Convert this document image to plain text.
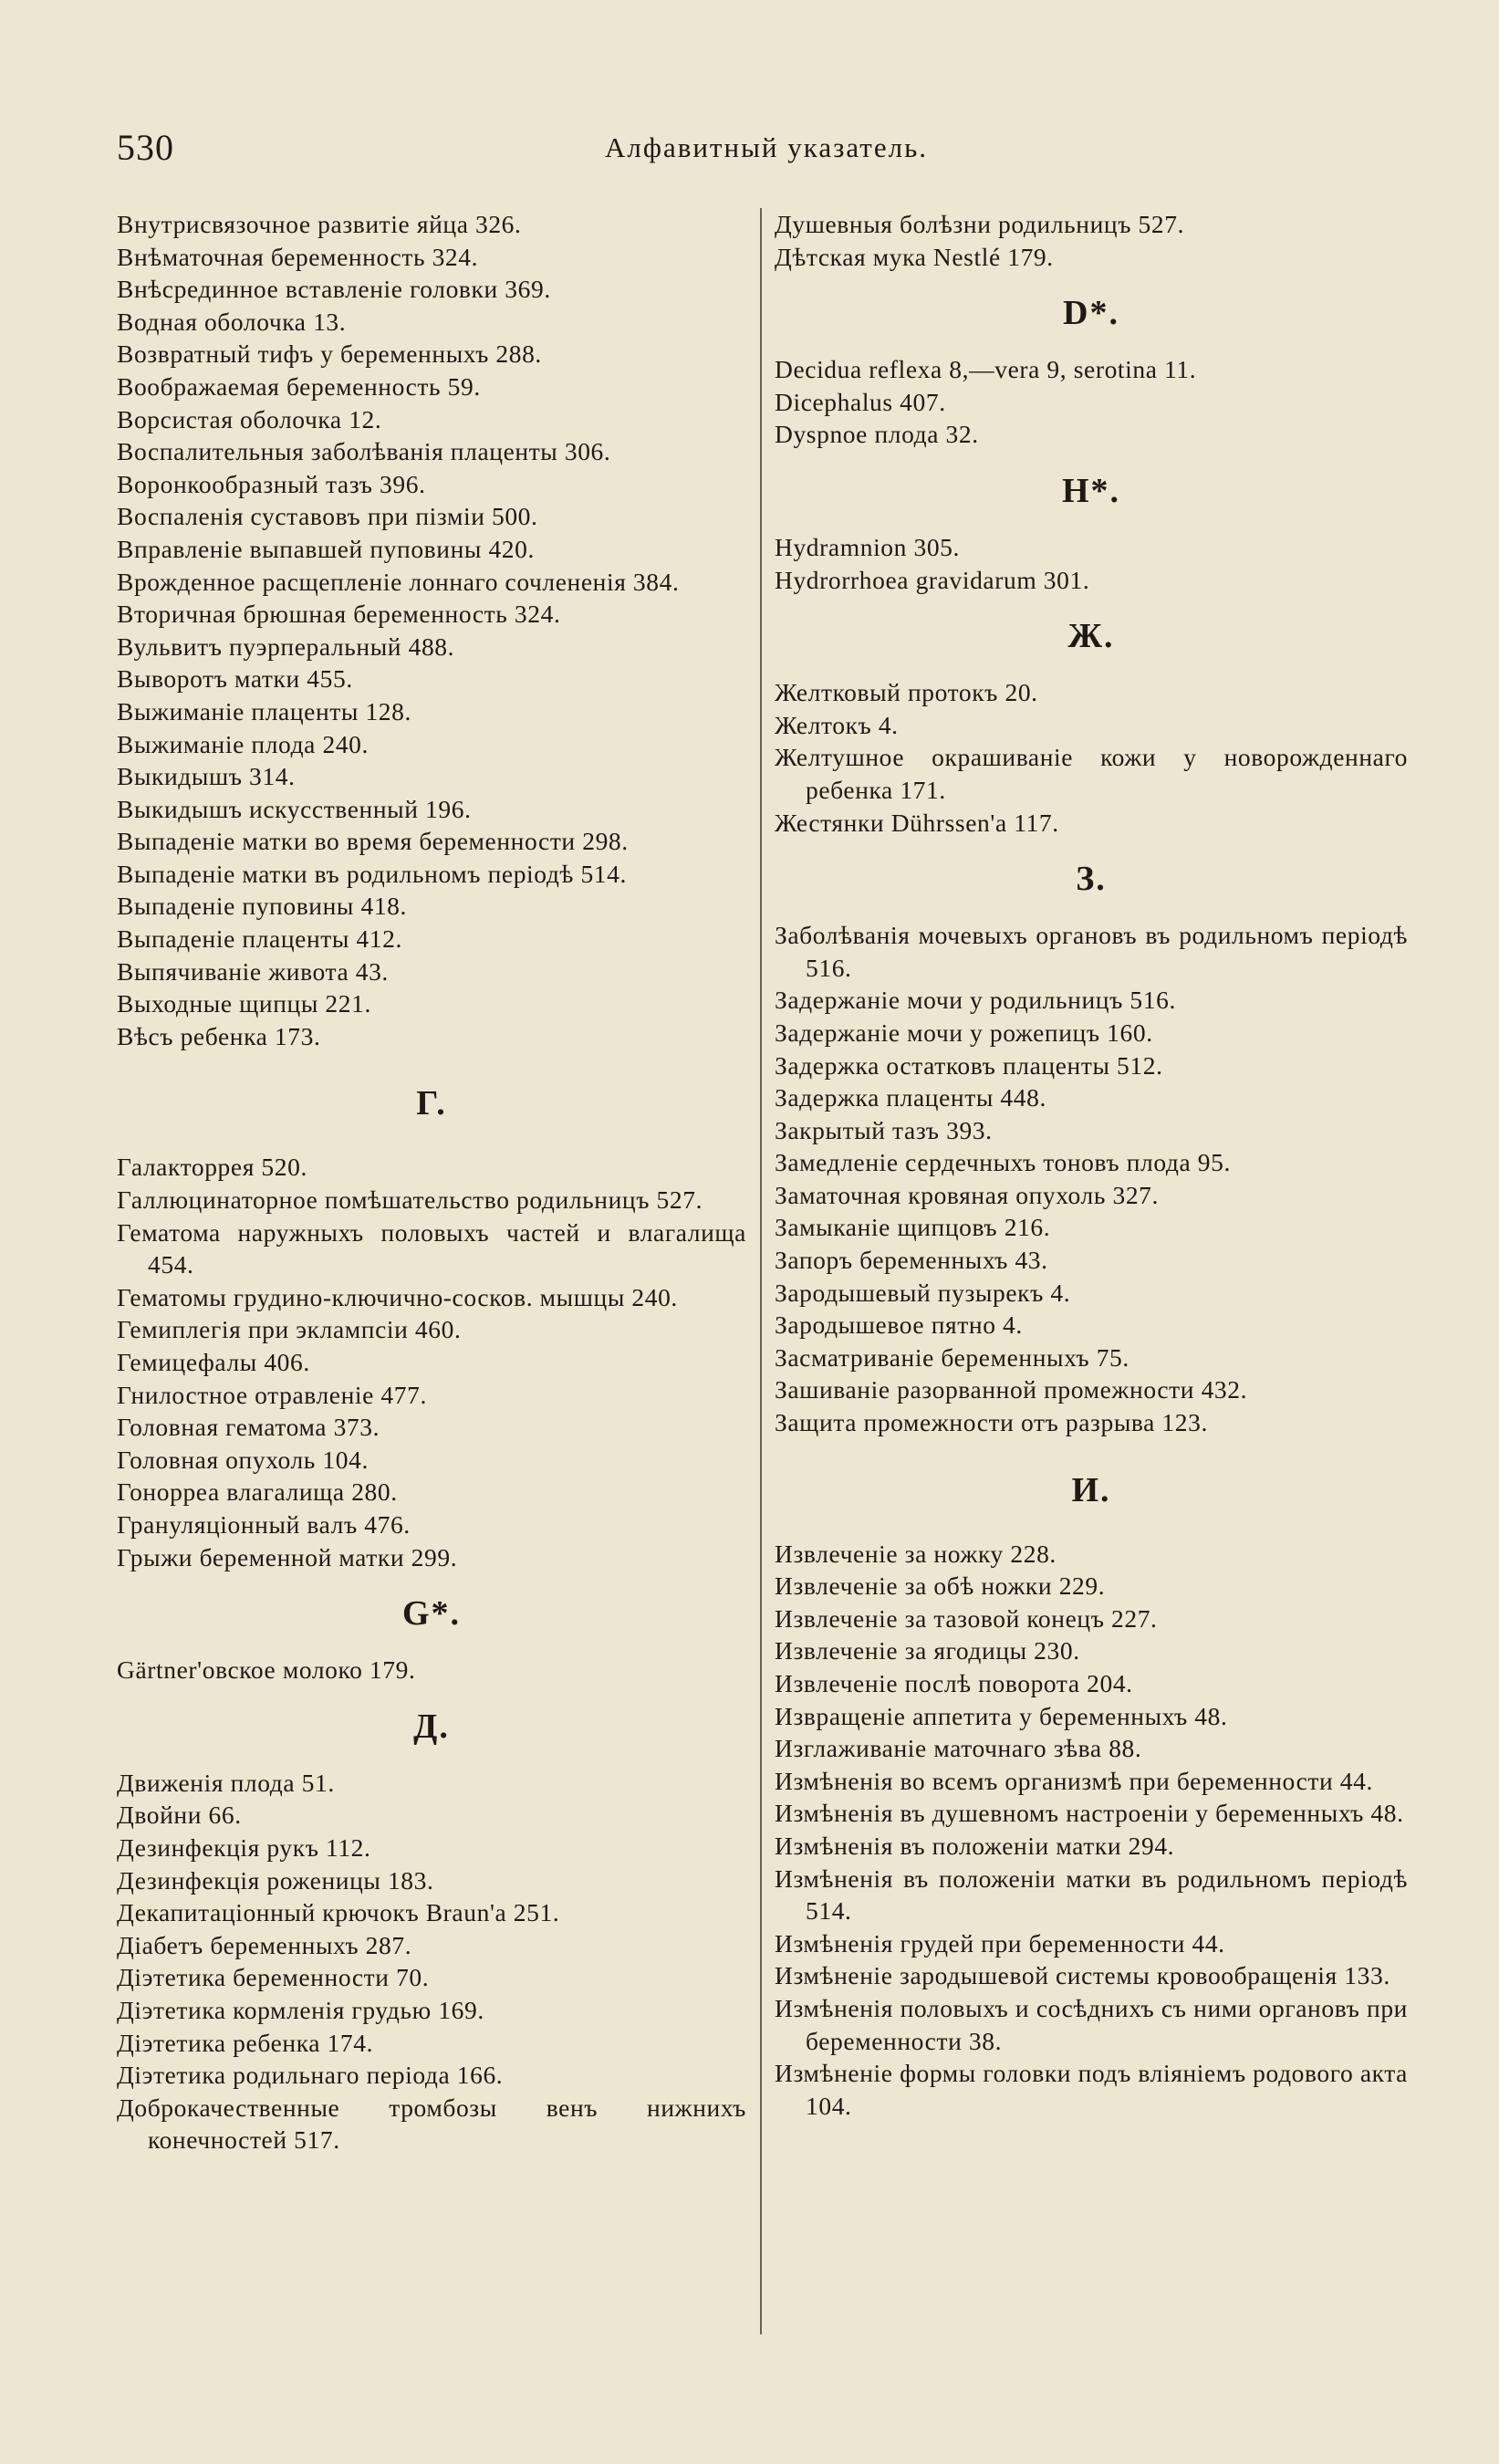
530	Алфавитный указатель.

Внутрисвязочное развитіе яйца 326.

Внѣматочная беременность 324.

Внѣсрединное вставленіе головки 369.

Водная оболочка 13.

Возвратный тифъ у беременныхъ 288.

Воображаемая беременность 59.

Ворсистая оболочка 12.

Воспалительныя заболѣванія плаценты 306.

Воронкообразный тазъ 396.

Воспаленія суставовъ при пізміи 500.

Вправленіе выпавшей пуповины 420.

Врожденное расщепленіе лоннаго сочлененія 384.

Вторичная брюшная беременность 324.

Вульвитъ пуэрперальный 488.

Выворотъ матки 455.

Выжиманіе плаценты 128.

Выжиманіе плода 240.

Выкидышъ 314.

Выкидышъ искусственный 196.

Выпаденіе матки во время беременности 298.

Выпаденіе матки въ родильномъ періодѣ 514.

Выпаденіе пуповины 418.

Выпаденіе плаценты 412.

Выпячиваніе живота 43.

Выходные щипцы 221.

Вѣсъ ребенка 173.

Г.

Галакторрея 520.

Галлюцинаторное помѣшательство родильницъ 527.

Гематома наружныхъ половыхъ частей и влагалища 454.

Гематомы грудино-ключично-сосков. мышцы 240.

Гемиплегія при эклампсіи 460.

Гемицефалы 406.

Гнилостное отравленіе 477.

Головная гематома 373.

Головная опухоль 104.

Гонорреа влагалища 280.

Грануляціонный валъ 476.

Грыжи беременной матки 299.

G*.

Gärtner'овское молоко 179.

Д.

Движенія плода 51.

Двойни 66.

Дезинфекція рукъ 112.

Дезинфекція роженицы 183.

Декапитаціонный крючокъ Braun'a 251.

Діабетъ беременныхъ 287.

Діэтетика беременности 70.

Діэтетика кормленія грудью 169.

Діэтетика ребенка 174.

Діэтетика родильнаго періода 166.

Доброкачественные тромбозы венъ нижнихъ конечностей 517.

Душевныя болѣзни родильницъ 527.

Дѣтская мука Nestlé 179.

D*.

Decidua reflexa 8,—vera 9, serotina 11.

Dicephalus 407.

Dyspnoe плода 32.

H*.

Hydramnion 305.

Hydrorrhoea gravidarum 301.

Ж.

Желтковый протокъ 20.

Желтокъ 4.

Желтушное окрашиваніе кожи у новорожденнаго ребенка 171.

Жестянки Dührssen'a 117.

З.

Заболѣванія мочевыхъ органовъ въ родильномъ періодѣ 516.

Задержаніе мочи у родильницъ 516.

Задержаніе мочи у рожепицъ 160.

Задержка остатковъ плаценты 512.

Задержка плаценты 448.

Закрытый тазъ 393.

Замедленіе сердечныхъ тоновъ плода 95.

Заматочная кровяная опухоль 327.

Замыканіе щипцовъ 216.

Запоръ беременныхъ 43.

Зародышевый пузырекъ 4.

Зародышевое пятно 4.

Засматриваніе беременныхъ 75.

Зашиваніе разорванной промежности 432.

Защита промежности отъ разрыва 123.

И.

Извлеченіе за ножку 228.

Извлеченіе за обѣ ножки 229.

Извлеченіе за тазовой конецъ 227.

Извлеченіе за ягодицы 230.

Извлеченіе послѣ поворота 204.

Извращеніе аппетита у беременныхъ 48.

Изглаживаніе маточнаго зѣва 88.

Измѣненія во всемъ организмѣ при беременности 44.

Измѣненія въ душевномъ настроеніи у беременныхъ 48.

Измѣненія въ положеніи матки 294.

Измѣненія въ положеніи матки въ родильномъ періодѣ 514.

Измѣненія грудей при беременности 44.

Измѣненіе зародышевой системы кровообращенія 133.

Измѣненія половыхъ и сосѣднихъ съ ними органовъ при беременности 38.

Измѣненіе формы головки подъ вліяніемъ родового акта 104.
